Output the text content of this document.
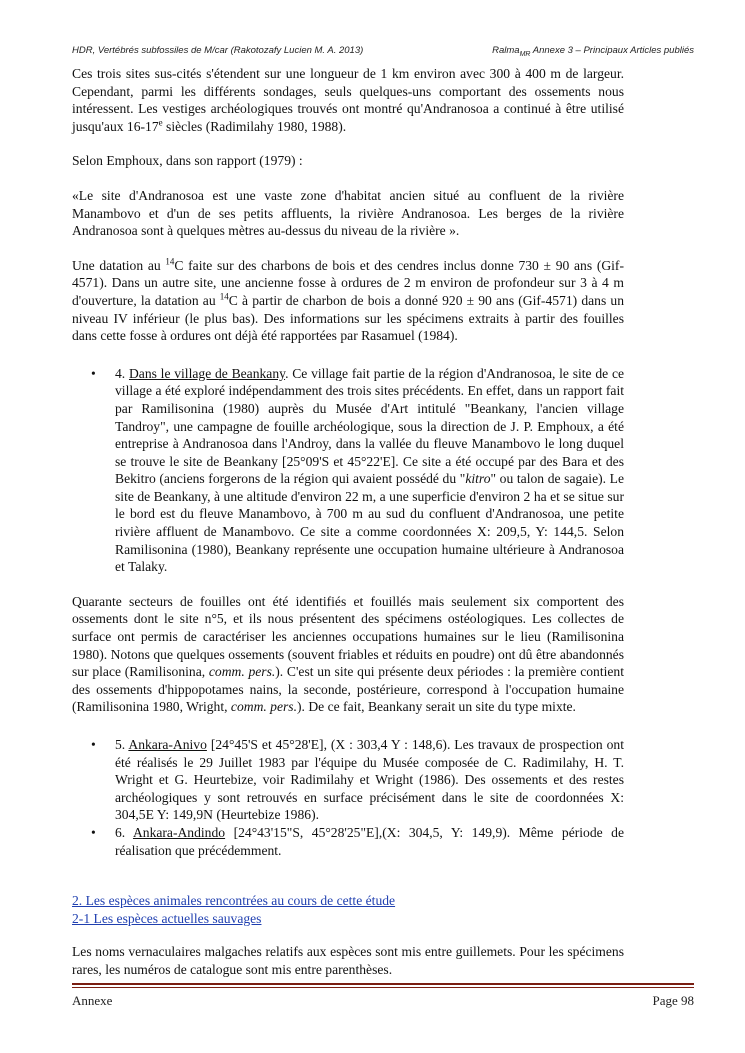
HDR, Vertébrés subfossiles de M/car (Rakotozafy Lucien M. A. 2013)	Ralma$_{MR}$ Annexe 3 – Principaux Articles publiés

Ces trois sites sus-cités s'étendent sur une longueur de 1 km environ avec 300 à 400 m de largeur. Cependant, parmi les différents sondages, seuls quelques-uns comportant des ossements nous intéressent. Les vestiges archéologiques trouvés ont montré qu'Andranosoa a continué à être utilisé jusqu'aux 16-17e siècles (Radimilahy 1980, 1988).

Selon Emphoux, dans son rapport (1979) :

«Le site d'Andranosoa est une vaste zone d'habitat ancien situé au confluent de la rivière Manambovo et d'un de ses petits affluents, la rivière Andranosoa. Les berges de la rivière Andranosoa sont à quelques mètres au-dessus du niveau de la rivière ».

Une datation au $^{14}$C faite sur des charbons de bois et des cendres inclus donne 730 ± 90 ans (Gif-4571). Dans un autre site, une ancienne fosse à ordures de 2 m environ de profondeur sur 3 à 4 m d'ouverture, la datation au $^{14}$C à partir de charbon de bois a donné 920 ± 90 ans (Gif-4571) dans un niveau IV inférieur (le plus bas). Des informations sur les spécimens extraits à partir des fouilles dans cette fosse à ordures ont déjà été rapportées par Rasamuel (1984).

• 4. Dans le village de Beankany. Ce village fait partie de la région d'Andranosoa, le site de ce village a été exploré indépendamment des trois sites précédents. En effet, dans un rapport fait par Ramilisonina (1980) auprès du Musée d'Art intitulé "Beankany, l'ancien village Tandroy", une campagne de fouille archéologique, sous la direction de J. P. Emphoux, a été entreprise à Andranosoa dans l'Androy, dans la vallée du fleuve Manambovo le long duquel se trouve le site de Beankany [25°09'S et 45°22'E]. Ce site a été occupé par des Bara et des Bekitro (anciens forgerons de la région qui avaient possédé du "kitro" ou talon de sagaie). Le site de Beankany, à une altitude d'environ 22 m, a une superficie d'environ 2 ha et se situe sur le bord est du fleuve Manambovo, à 700 m au sud du confluent d'Andranosoa, une petite rivière affluent de Manambovo. Ce site a comme coordonnées X: 209,5, Y: 144,5. Selon Ramilisonina (1980), Beankany représente une occupation humaine ultérieure à Andranosoa et Talaky.

Quarante secteurs de fouilles ont été identifiés et fouillés mais seulement six comportent des ossements dont le site n°5, et ils nous présentent des spécimens ostéologiques. Les collectes de surface ont permis de caractériser les anciennes occupations humaines sur le lieu (Ramilisonina 1980). Notons que quelques ossements (souvent friables et réduits en poudre) ont dû être abandonnés sur place (Ramilisonina, comm. pers.). C'est un site qui présente deux périodes : la première contient des ossements d'hippopotames nains, la seconde, postérieure, correspond à l'occupation humaine (Ramilisonina 1980, Wright, comm. pers.). De ce fait, Beankany serait un site du type mixte.

• 5. Ankara-Anivo [24°45'S et 45°28'E], (X : 303,4 Y : 148,6). Les travaux de prospection ont été réalisés le 29 Juillet 1983 par l'équipe du Musée composée de C. Radimilahy, H. T. Wright et G. Heurtebize, voir Radimilahy et Wright (1986). Des ossements et des restes archéologiques y sont retrouvés en surface précisément dans le site de coordonnées X: 304,5E Y: 149,9N (Heurtebize 1986).
• 6. Ankara-Andindo [24°43'15"S, 45°28'25"E],(X: 304,5, Y: 149,9). Même période de réalisation que précédemment.
2. Les espèces animales rencontrées au cours de cette étude
2-1 Les espèces actuelles sauvages

Les noms vernaculaires malgaches relatifs aux espèces sont mis entre guillemets. Pour les spécimens rares, les numéros de catalogue sont mis entre parenthèses.

Annexe	Page 98
